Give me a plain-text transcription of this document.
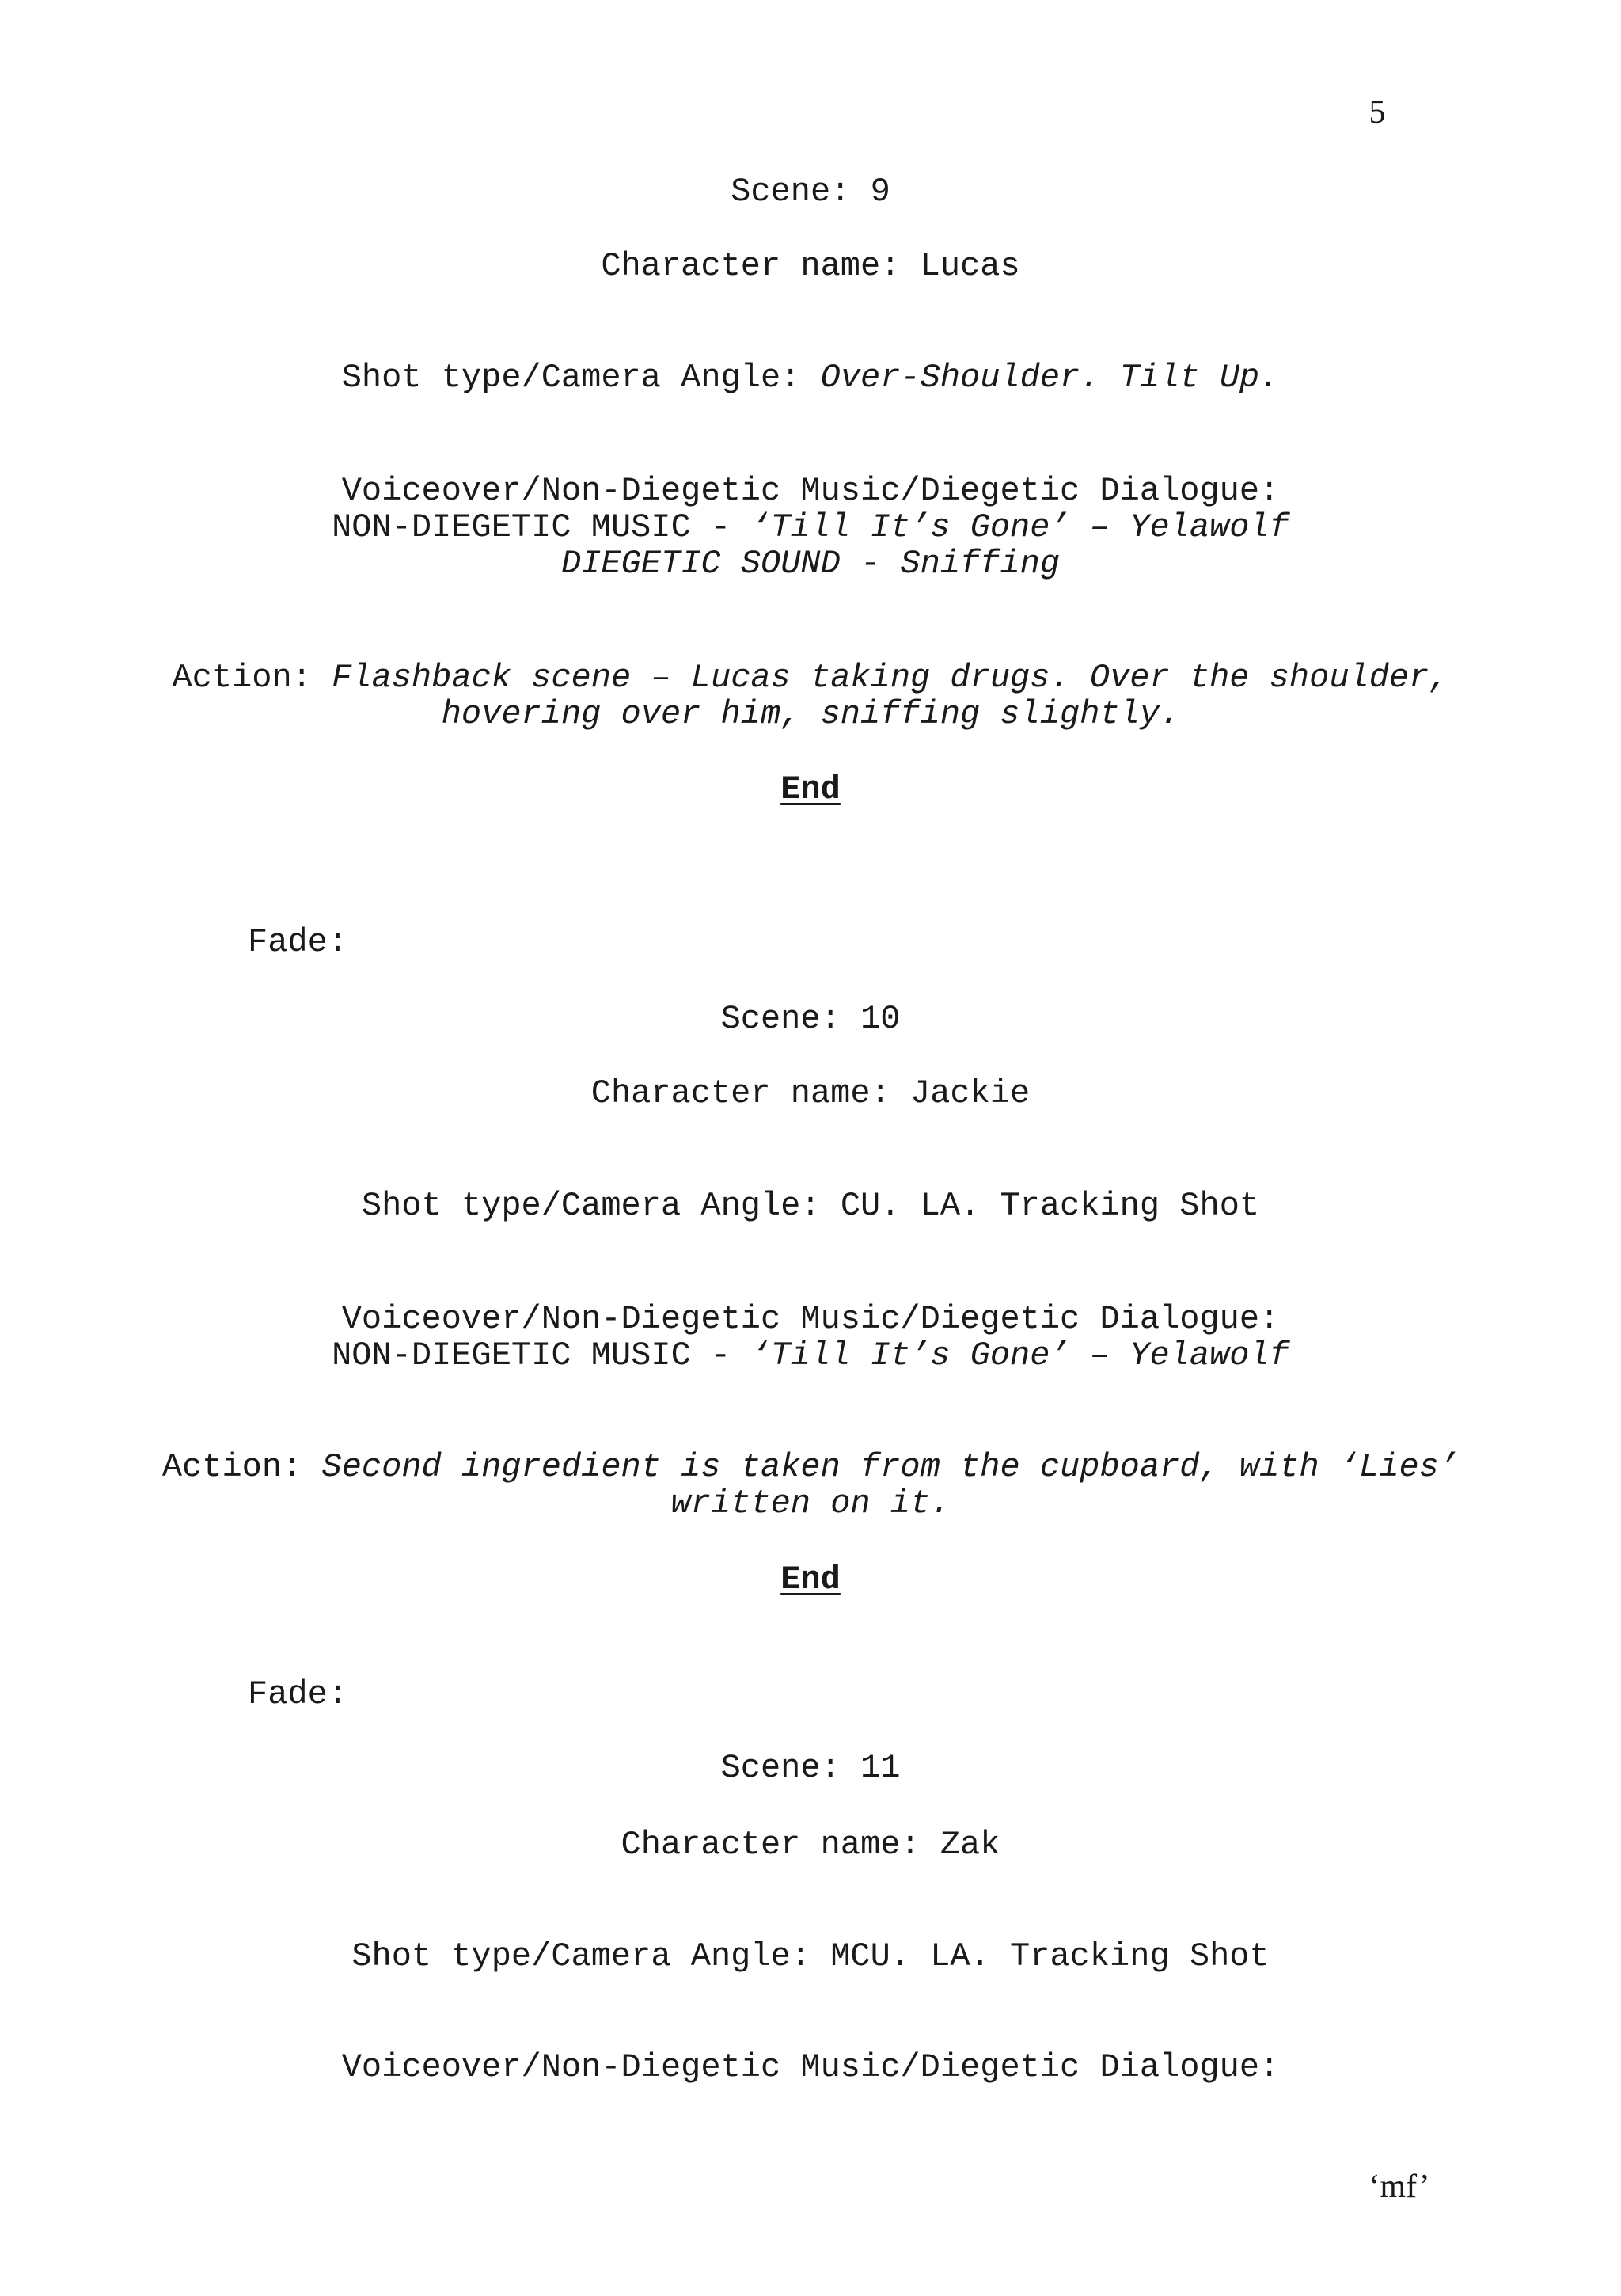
5
Scene: 9
Character name: Lucas
Shot type/Camera Angle: Over-Shoulder. Tilt Up.
Voiceover/Non-Diegetic Music/Diegetic Dialogue:
NON-DIEGETIC MUSIC - ‘Till It’s Gone’ – Yelawolf
DIEGETIC SOUND - Sniffing
Action: Flashback scene – Lucas taking drugs. Over the shoulder,
hovering over him, sniffing slightly.
End
Fade:
Scene: 10
Character name: Jackie
Shot type/Camera Angle: CU. LA. Tracking Shot
Voiceover/Non-Diegetic Music/Diegetic Dialogue:
NON-DIEGETIC MUSIC - ‘Till It’s Gone’ – Yelawolf
Action: Second ingredient is taken from the cupboard, with ‘Lies’
written on it.
End
Fade:
Scene: 11
Character name: Zak
Shot type/Camera Angle: MCU. LA. Tracking Shot
Voiceover/Non-Diegetic Music/Diegetic Dialogue:
‘mf’
